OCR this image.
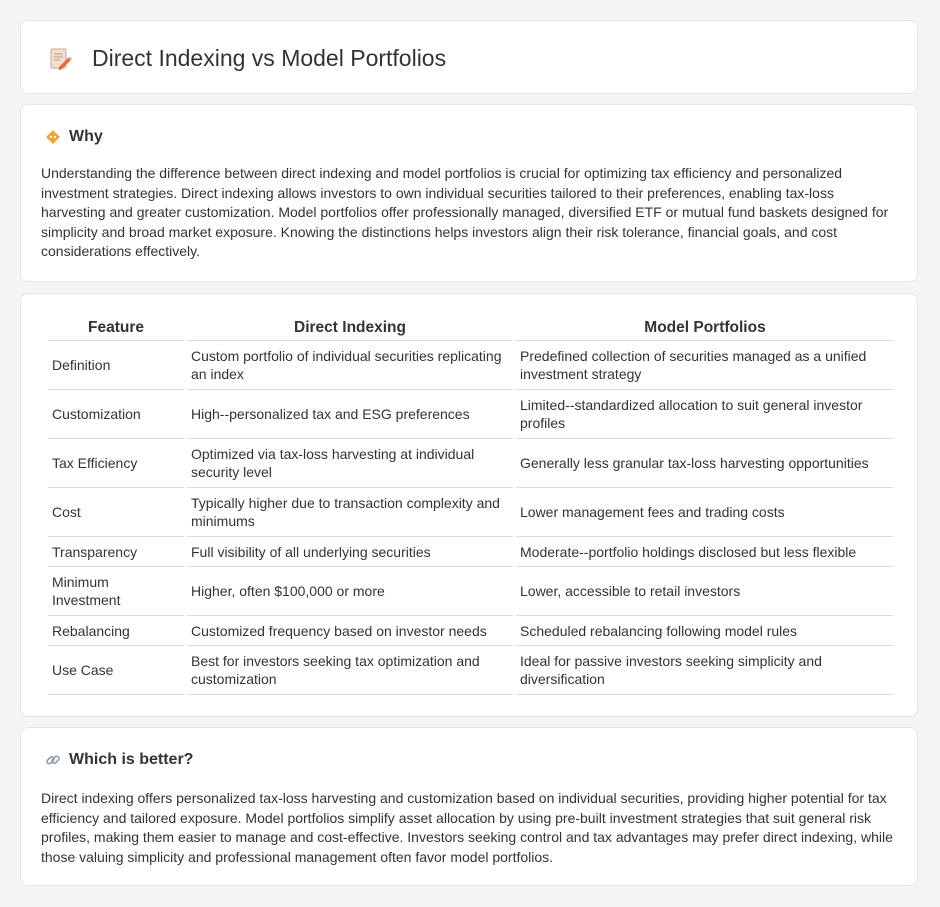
Direct Indexing vs Model Portfolios
Why

Understanding the difference between direct indexing and model portfolios is crucial for optimizing tax efficiency and personalized investment strategies. Direct indexing allows investors to own individual securities tailored to their preferences, enabling tax-loss harvesting and greater customization. Model portfolios offer professionally managed, diversified ETF or mutual fund baskets designed for simplicity and broad market exposure. Knowing the distinctions helps investors align their risk tolerance, financial goals, and cost considerations effectively.

Feature	Direct Indexing	Model Portfolios
Definition	Custom portfolio of individual securities replicating an index	Predefined collection of securities managed as a unified investment strategy
Customization	High--personalized tax and ESG preferences	Limited--standardized allocation to suit general investor profiles
Tax Efficiency	Optimized via tax-loss harvesting at individual security level	Generally less granular tax-loss harvesting opportunities
Cost	Typically higher due to transaction complexity and minimums	Lower management fees and trading costs
Transparency	Full visibility of all underlying securities	Moderate--portfolio holdings disclosed but less flexible
Minimum Investment	Higher, often $100,000 or more	Lower, accessible to retail investors
Rebalancing	Customized frequency based on investor needs	Scheduled rebalancing following model rules
Use Case	Best for investors seeking tax optimization and customization	Ideal for passive investors seeking simplicity and diversification
Which is better?

Direct indexing offers personalized tax-loss harvesting and customization based on individual securities, providing higher potential for tax efficiency and tailored exposure. Model portfolios simplify asset allocation by using pre-built investment strategies that suit general risk profiles, making them easier to manage and cost-effective. Investors seeking control and tax advantages may prefer direct indexing, while those valuing simplicity and professional management often favor model portfolios.
